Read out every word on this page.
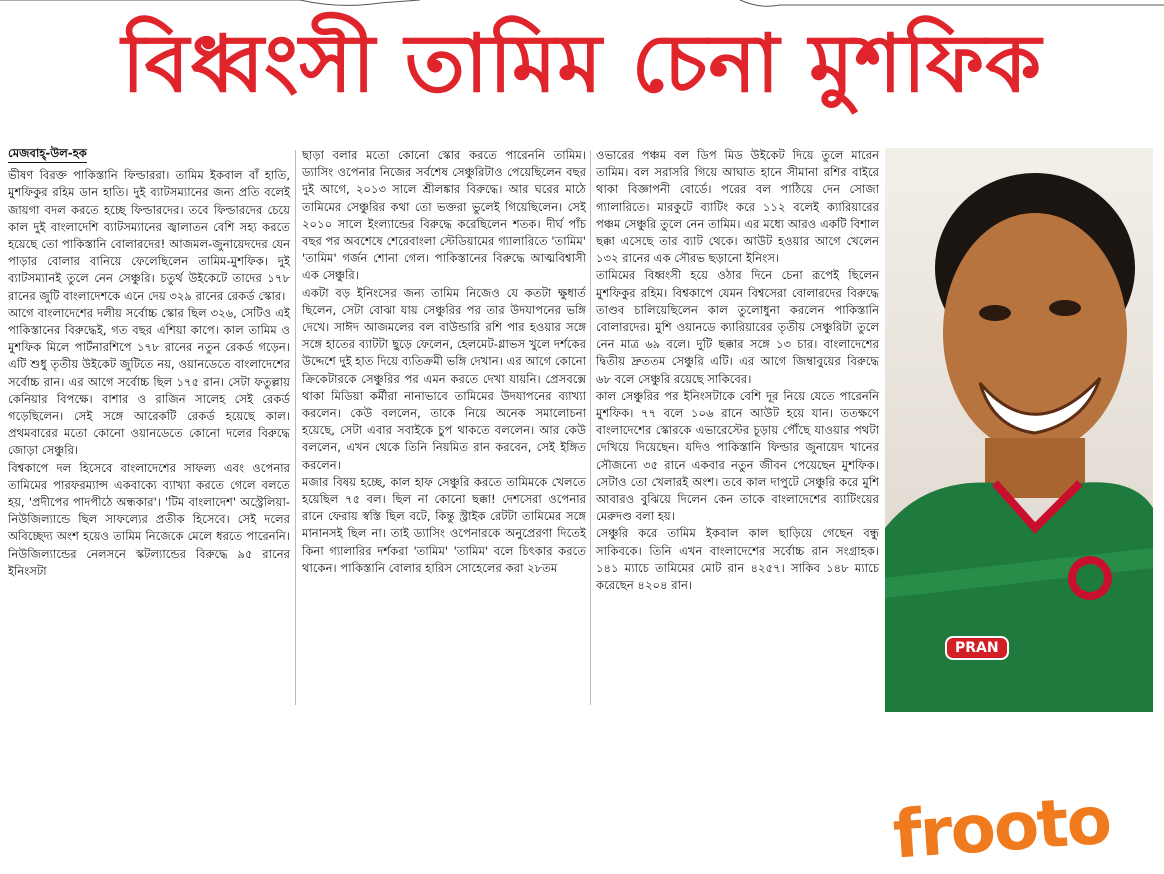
বিধ্বংসী তামিম চেনা মুশফিক
মেজবাহ্‌-উল-হক

ভীষণ বিরক্ত পাকিস্তানি ফিল্ডাররা। তামিম ইকবাল বাঁ হাতি, মুশফিকুর রহিম ডান হাতি। দুই ব্যাটসম্যানের জন্য প্রতি বলেই জায়গা বদল করতে হচ্ছে ফিল্ডারদের। তবে ফিল্ডারদের চেয়ে কাল দুই বাংলাদেশি ব্যাটসম্যানের জ্বালাতন বেশি সহ্য করতে হয়েছে তো পাকিস্তানি বোলারদের! আজমল-জুনায়েদদের যেন পাড়ার বোলার বানিয়ে ফেলেছিলেন তামিম-মুশফিক। দুই ব্যাটসম্যানই তুলে নেন সেঞ্চুরি। চতুর্থ উইকেটে তাদের ১৭৮ রানের জুটি বাংলাদেশকে এনে দেয় ৩২৯ রানের রেকর্ড স্কোর।

আগে বাংলাদেশের দলীয় সর্বোচ্চ স্কোর ছিল ৩২৬, সেটিও এই পাকিস্তানের বিরুদ্ধেই, গত বছর এশিয়া কাপে। কাল তামিম ও মুশফিক মিলে পার্টনারশিপে ১৭৮ রানের নতুন রেকর্ড গড়েন। এটি শুধু তৃতীয় উইকেট জুটিতে নয়, ওয়ানডেতে বাংলাদেশের সর্বোচ্চ রান। এর আগে সর্বোচ্চ ছিল ১৭৫ রান। সেটা ফতুল্লায় কেনিয়ার বিপক্ষে। বাশার ও রাজিন সালেহ সেই রেকর্ড গড়েছিলেন। সেই সঙ্গে আরেকটি রেকর্ড হয়েছে কাল। প্রথমবারের মতো কোনো ওয়ানডেতে কোনো দলের বিরুদ্ধে জোড়া সেঞ্চুরি।

বিশ্বকাপে দল হিসেবে বাংলাদেশের সাফল্য এবং ওপেনার তামিমের পারফরম্যান্স একবাক্যে ব্যাখ্যা করতে গেলে বলতে হয়, 'প্রদীপের পাদপীঠে অন্ধকার'। 'টিম বাংলাদেশ' অস্ট্রেলিয়া-নিউজিল্যান্ডে ছিল সাফল্যের প্রতীক হিসেবে। সেই দলের অবিচ্ছেদ্য অংশ হয়েও তামিম নিজেকে মেলে ধরতে পারেননি। নিউজিল্যান্ডের নেলসনে স্কটল্যান্ডের বিরুদ্ধে ৯৫ রানের ইনিংসটা

ছাড়া বলার মতো কোনো স্কোর করতে পারেননি তামিম। ড্যাসিং ওপেনার নিজের সর্বশেষ সেঞ্চুরিটাও পেয়েছিলেন বছর দুই আগে, ২০১৩ সালে শ্রীলঙ্কার বিরুদ্ধে। আর ঘরের মাঠে তামিমের সেঞ্চুরির কথা তো ভক্তরা ভুলেই গিয়েছিলেন। সেই ২০১০ সালে ইংল্যান্ডের বিরুদ্ধে করেছিলেন শতক। দীর্ঘ পাঁচ বছর পর অবশেষে শেরেবাংলা স্টেডিয়ামের গ্যালারিতে 'তামিম' 'তামিম' গর্জন শোনা গেল। পাকিস্তানের বিরুদ্ধে আত্মবিশ্বাসী এক সেঞ্চুরি।

একটা বড় ইনিংসের জন্য তামিম নিজেও যে কতটা ক্ষুধার্ত ছিলেন, সেটা বোঝা যায় সেঞ্চুরির পর তার উদযাপনের ভঙ্গি দেখে। সাঈদ আজমলের বল বাউন্ডারি রশি পার হওয়ার সঙ্গে সঙ্গে হাতের ব্যাটটা ছুড়ে ফেলেন, হেলমেট-গ্লাভস খুলে দর্শকের উদ্দেশে দুই হাত দিয়ে ব্যতিক্রমী ভঙ্গি দেখান। এর আগে কোনো ক্রিকেটারকে সেঞ্চুরির পর এমন করতে দেখা যায়নি। প্রেসবক্সে থাকা মিডিয়া কর্মীরা নানাভাবে তামিমের উদযাপনের ব্যাখ্যা করলেন। কেউ বললেন, তাকে নিয়ে অনেক সমালোচনা হয়েছে, সেটা এবার সবাইকে চুপ থাকতে বললেন। আর কেউ বললেন, এখন থেকে তিনি নিয়মিত রান করবেন, সেই ইঙ্গিত করলেন।

মজার বিষয় হচ্ছে, কাল হাফ সেঞ্চুরি করতে তামিমকে খেলতে হয়েছিল ৭৫ বল। ছিল না কোনো ছক্কা! দেশসেরা ওপেনার রানে ফেরায় স্বস্তি ছিল বটে, কিন্তু স্ট্রাইক রেটটা তামিমের সঙ্গে মানানসই ছিল না। তাই ড্যাসিং ওপেনারকে অনুপ্রেরণা দিতেই কিনা গ্যালারির দর্শকরা 'তামিম' 'তামিম' বলে চিৎকার করতে থাকেন। পাকিস্তানি বোলার হারিস সোহেলের করা ২৮তম

ওভারের পঞ্চম বল ডিপ মিড উইকেট দিয়ে তুলে মারেন তামিম। বল সরাসরি গিয়ে আঘাত হানে সীমানা রশির বাইরে থাকা বিজ্ঞাপনী বোর্ডে। পরের বল পাঠিয়ে দেন সোজা গ্যালারিতে। মারকুটে ব্যাটিং করে ১১২ বলেই ক্যারিয়ারের পঞ্চম সেঞ্চুরি তুলে নেন তামিম। এর মধ্যে আরও একটি বিশাল ছক্কা এসেছে তার ব্যাট থেকে। আউট হওয়ার আগে খেলেন ১৩২ রানের এক সৌরভ ছড়ানো ইনিংস।

তামিমের বিধ্বংসী হয়ে ওঠার দিনে চেনা রূপেই ছিলেন মুশফিকুর রহিম। বিশ্বকাপে যেমন বিশ্বসেরা বোলারদের বিরুদ্ধে তাণ্ডব চালিয়েছিলেন কাল তুলোধুনা করলেন পাকিস্তানি বোলারদের। মুশি ওয়ানডে ক্যারিয়ারের তৃতীয় সেঞ্চুরিটা তুলে নেন মাত্র ৬৯ বলে। দুটি ছক্কার সঙ্গে ১৩ চার। বাংলাদেশের দ্বিতীয় দ্রুততম সেঞ্চুরি এটি। এর আগে জিম্বাবুয়ের বিরুদ্ধে ৬৮ বলে সেঞ্চুরি রয়েছে সাকিবের।

কাল সেঞ্চুরির পর ইনিংসটাকে বেশি দূর নিয়ে যেতে পারেননি মুশফিক। ৭৭ বলে ১০৬ রানে আউট হয়ে যান। ততক্ষণে বাংলাদেশের স্কোরকে এভারেস্টের চূড়ায় পৌঁছে যাওয়ার পথটা দেখিয়ে দিয়েছেন। যদিও পাকিস্তানি ফিল্ডার জুনায়েদ খানের সৌজন্যে ৩৫ রানে একবার নতুন জীবন পেয়েছেন মুশফিক। সেটাও তো খেলারই অংশ। তবে কাল দাপুটে সেঞ্চুরি করে মুশি আবারও বুঝিয়ে দিলেন কেন তাকে বাংলাদেশের ব্যাটিংয়ের মেরুদণ্ড বলা হয়।

সেঞ্চুরি করে তামিম ইকবাল কাল ছাড়িয়ে গেছেন বন্ধু সাকিবকে। তিনি এখন বাংলাদেশের সর্বোচ্চ রান সংগ্রাহক। ১৪১ ম্যাচে তামিমের মোট রান ৪২৫৭। সাকিব ১৪৮ ম্যাচে করেছেন ৪২০৪ রান।

PRAN
frooto
